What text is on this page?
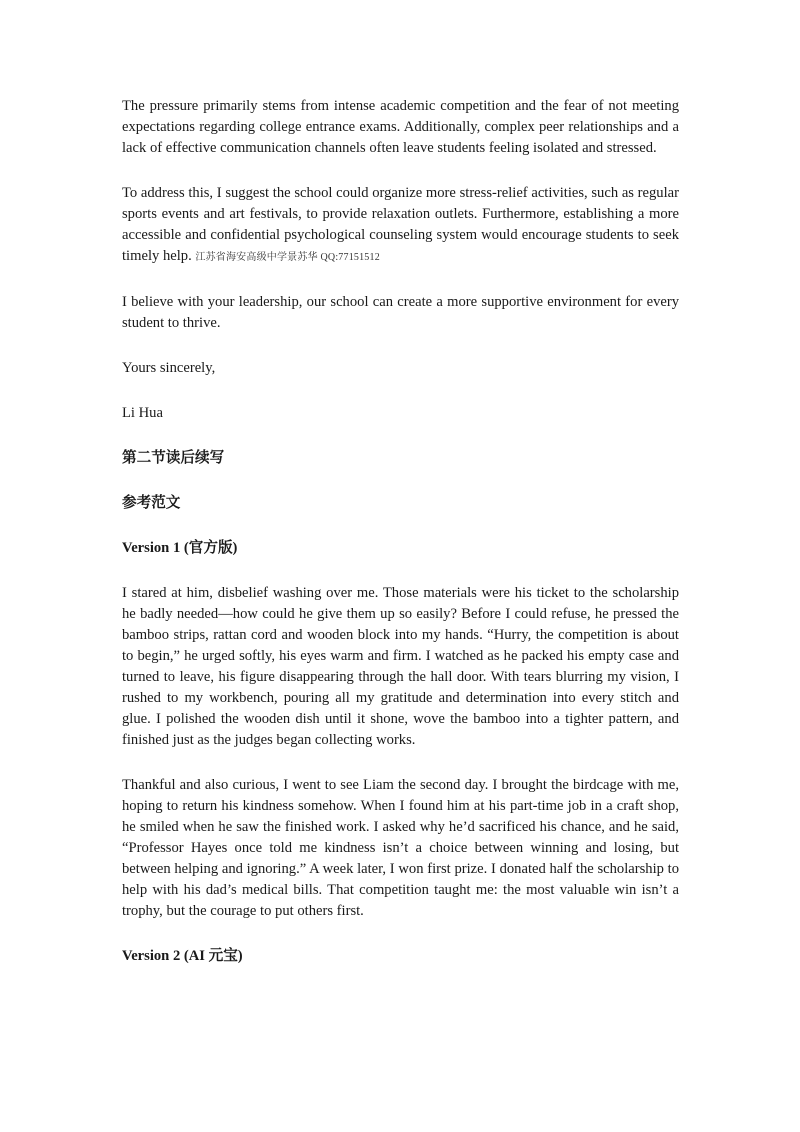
The pressure primarily stems from intense academic competition and the fear of not meeting expectations regarding college entrance exams. Additionally, complex peer relationships and a lack of effective communication channels often leave students feeling isolated and stressed.

To address this, I suggest the school could organize more stress-relief activities, such as regular sports events and art festivals, to provide relaxation outlets. Furthermore, establishing a more accessible and confidential psychological counseling system would encourage students to seek timely help. 江苏省海安高级中学景苏华 QQ:77151512

I believe with your leadership, our school can create a more supportive environment for every student to thrive.

Yours sincerely,

Li Hua

第二节读后续写
参考范文
Version 1 (官方版)

I stared at him, disbelief washing over me. Those materials were his ticket to the scholarship he badly needed—how could he give them up so easily? Before I could refuse, he pressed the bamboo strips, rattan cord and wooden block into my hands. “Hurry, the competition is about to begin,” he urged softly, his eyes warm and firm. I watched as he packed his empty case and turned to leave, his figure disappearing through the hall door. With tears blurring my vision, I rushed to my workbench, pouring all my gratitude and determination into every stitch and glue. I polished the wooden dish until it shone, wove the bamboo into a tighter pattern, and finished just as the judges began collecting works.

Thankful and also curious, I went to see Liam the second day. I brought the birdcage with me, hoping to return his kindness somehow. When I found him at his part-time job in a craft shop, he smiled when he saw the finished work. I asked why he’d sacrificed his chance, and he said, “Professor Hayes once told me kindness isn’t a choice between winning and losing, but between helping and ignoring.” A week later, I won first prize. I donated half the scholarship to help with his dad’s medical bills. That competition taught me: the most valuable win isn’t a trophy, but the courage to put others first.

Version 2 (AI 元宝)
